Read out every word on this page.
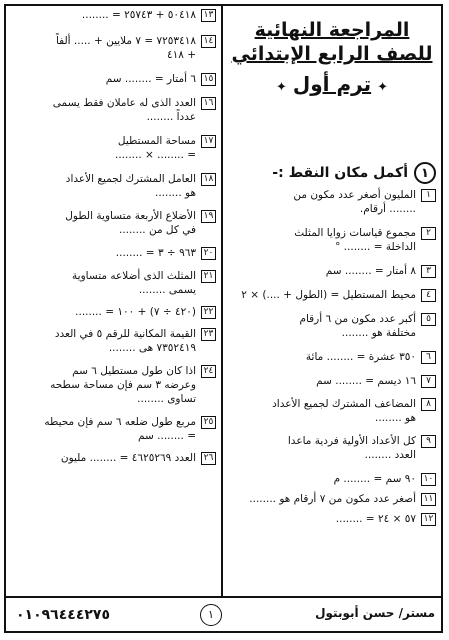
المراجعة النهائية
للصف الرابع الإبتدائي
✦ترم أول✦
١
أكمل مكان النقط :-
١
المليون أصغر عدد مكون من
........ أرقام.
٢
مجموع قياسات زوايا المثلث
الداخلة = ........ °
٣
٨ أمتار = ........ سم
٤
محيط المستطيل = (الطول + ....) × ٢
٥
أكبر عدد مكون من ٦ أرقام
مختلفة هو ........
٦
٣٥٠ عشرة = ........ مائة
٧
١٦ ديسم = ........ سم
٨
المضاعف المشترك لجميع الأعداد
هو ........
٩
كل الأعداد الأولية فردية ماعدا
العدد ........
١٠
٩٠ سم = ........ م
١١
أصغر عدد مكون من ٧ أرقام هو ........
١٢
٥٧ × ٢٤ = ........
١٣
٥٠٤١٨ + ٢٥٧٤٣ = ........
١٤
٧٢٥٣٤١٨ = ٧ ملايين + ..... ألفاً
+ ٤١٨
١٥
٦ أمتار = ........ سم
١٦
العدد الذى له عاملان فقط يسمى
عدداً ........
١٧
مساحة المستطيل
= ........ × ........
١٨
العامل المشترك لجميع الأعداد
هو ........
١٩
الأضلاع الأربعة متساوية الطول
في كل من ........
٢٠
٩٦٣ ÷ ٣ = ........
٢١
المثلث الذى أضلاعه متساوية
يسمى ........
٢٢
(٤٢٠ ÷ ٧) + ١٠٠ = ........
٢٣
القيمة المكانية للرقم ٥ في العدد
٧٣٥٢٤١٩ هى ........
٢٤
اذا كان طول مستطيل ٦ سم
وعرضه ٣ سم فإن مساحة سطحه
تساوى ........
٢٥
مربع طول ضلعه ٦ سم فإن محيطه
= ........ سم
٢٦
العدد ٤٦٢٥٢٦٩ = ........ مليون
مستر/ حسن أبوبتول
١
٠١٠٩٦٤٤٤٢٧٥
